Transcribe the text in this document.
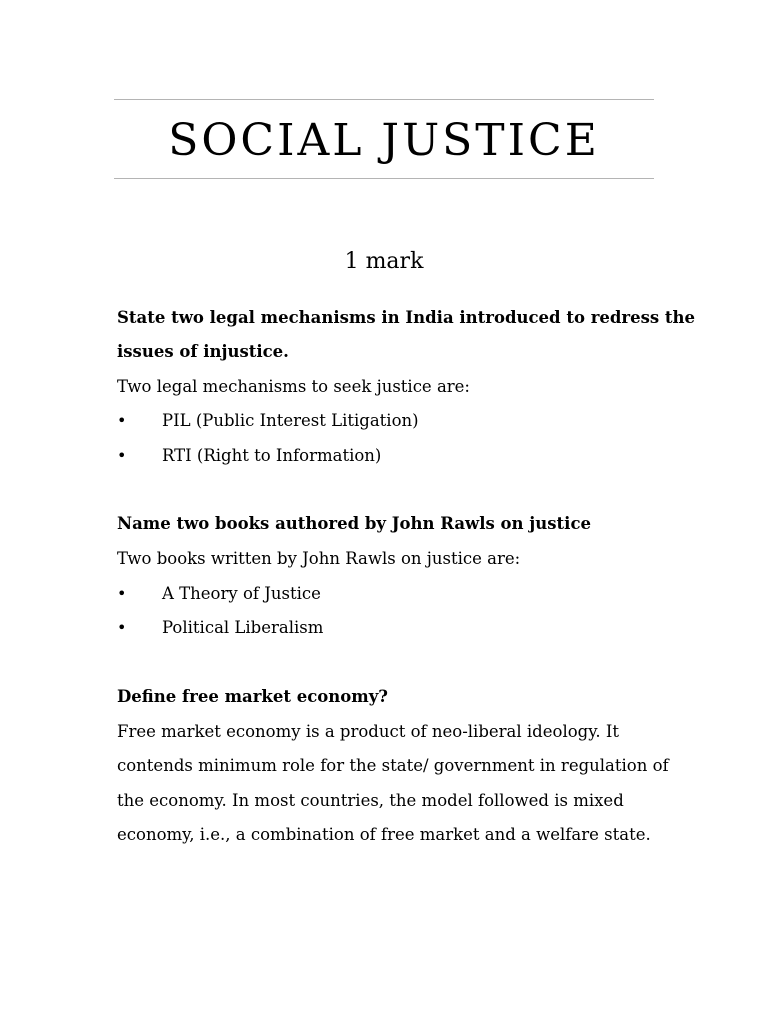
SOCIAL JUSTICE
1 mark
State two legal mechanisms in India introduced to redress the
issues of injustice.
Two legal mechanisms to seek justice are:
• PIL (Public Interest Litigation)
• RTI (Right to Information)
Name two books authored by John Rawls on justice
Two books written by John Rawls on justice are:
• A Theory of Justice
• Political Liberalism
Define free market economy?
Free market economy is a product of neo-liberal ideology. It
contends minimum role for the state/ government in regulation of
the economy. In most countries, the model followed is mixed
economy, i.e., a combination of free market and a welfare state.
